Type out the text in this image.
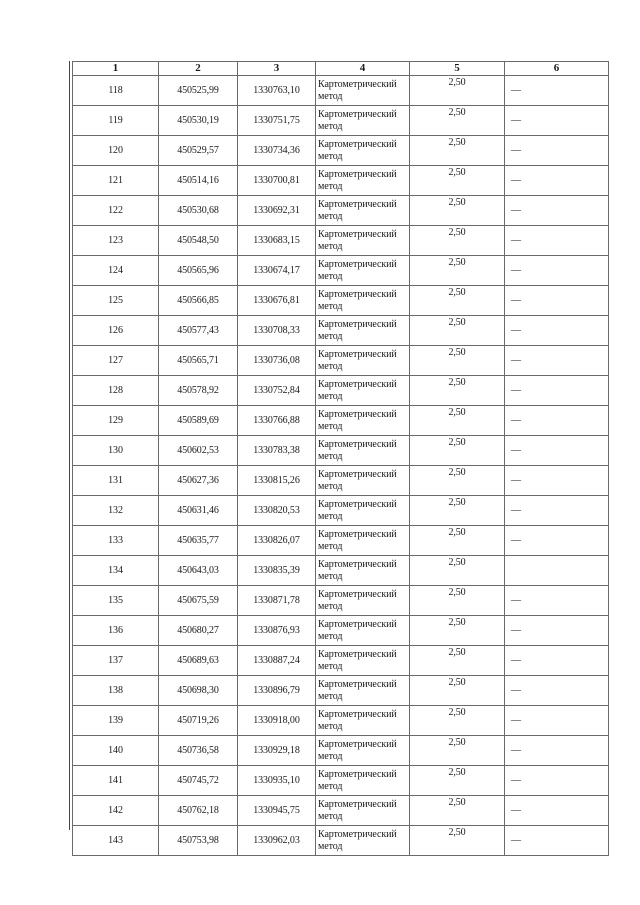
1	2	3	4	5	6
118	450525,99	1330763,10	Картометрический метод	2,50	—
119	450530,19	1330751,75	Картометрический метод	2,50	—
120	450529,57	1330734,36	Картометрический метод	2,50	—
121	450514,16	1330700,81	Картометрический метод	2,50	—
122	450530,68	1330692,31	Картометрический метод	2,50	—
123	450548,50	1330683,15	Картометрический метод	2,50	—
124	450565,96	1330674,17	Картометрический метод	2,50	—
125	450566,85	1330676,81	Картометрический метод	2,50	—
126	450577,43	1330708,33	Картометрический метод	2,50	—
127	450565,71	1330736,08	Картометрический метод	2,50	—
128	450578,92	1330752,84	Картометрический метод	2,50	—
129	450589,69	1330766,88	Картометрический метод	2,50	—
130	450602,53	1330783,38	Картометрический метод	2,50	—
131	450627,36	1330815,26	Картометрический метод	2,50	—
132	450631,46	1330820,53	Картометрический метод	2,50	—
133	450635,77	1330826,07	Картометрический метод	2,50	—
134	450643,03	1330835,39	Картометрический метод	2,50	
135	450675,59	1330871,78	Картометрический метод	2,50	—
136	450680,27	1330876,93	Картометрический метод	2,50	—
137	450689,63	1330887,24	Картометрический метод	2,50	—
138	450698,30	1330896,79	Картометрический метод	2,50	—
139	450719,26	1330918,00	Картометрический метод	2,50	—
140	450736,58	1330929,18	Картометрический метод	2,50	—
141	450745,72	1330935,10	Картометрический метод	2,50	—
142	450762,18	1330945,75	Картометрический метод	2,50	—
143	450753,98	1330962,03	Картометрический метод	2,50	—
